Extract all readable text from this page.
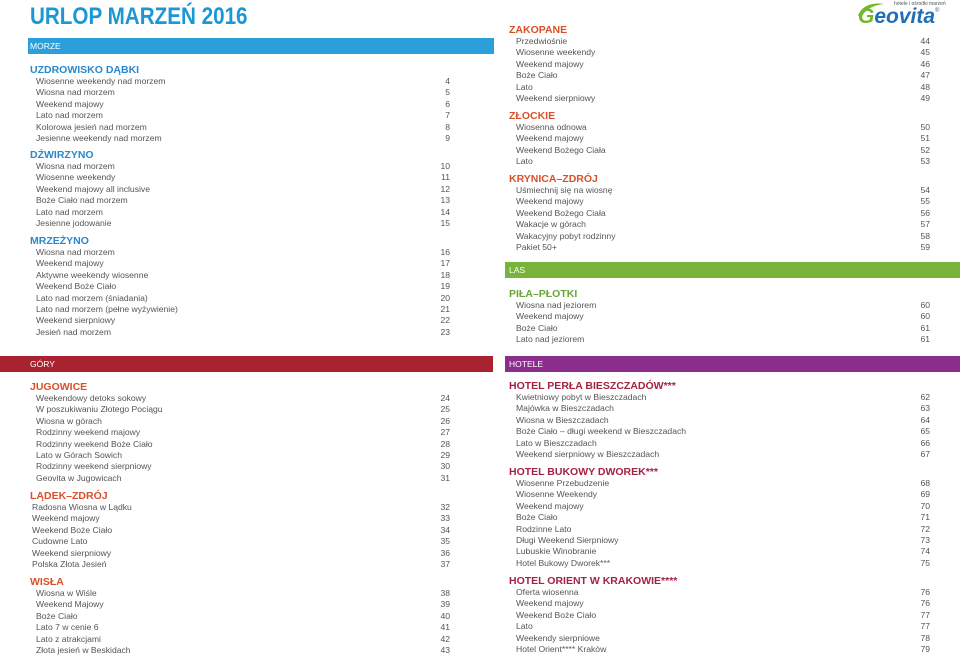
URLOP MARZEŃ 2016	hotele i ośrodki marzeń
Geovita ®
MORZE
GÓRY
LAS
HOTELE
UZDROWISKO DĄBKI
Wiosenne weekendy nad morzem	4
Wiosna nad morzem	5
Weekend majowy	6
Lato nad morzem	7
Kolorowa jesień nad morzem	8
Jesienne weekendy nad morzem	9
DŹWIRZYNO
Wiosna nad morzem	10
Wiosenne weekendy	11
Weekend majowy all inclusive	12
Boże Ciało nad morzem	13
Lato nad morzem	14
Jesienne jodowanie	15
MRZEŻYNO
Wiosna nad morzem	16
Weekend majowy	17
Aktywne weekendy wiosenne	18
Weekend Boże Ciało	19
Lato nad morzem (śniadania)	20
Lato nad morzem (pełne wyżywienie)	21
Weekend sierpniowy	22
Jesień nad morzem	23
JUGOWICE
Weekendowy detoks sokowy	24
W poszukiwaniu Złotego Pociągu	25
Wiosna w górach	26
Rodzinny weekend majowy	27
Rodzinny weekend Boże Ciało	28
Lato w Górach Sowich	29
Rodzinny weekend sierpniowy	30
Geovita w Jugowicach	31
LĄDEK–ZDRÓJ
Radosna Wiosna w Lądku	32
Weekend majowy	33
Weekend Boże Ciało	34
Cudowne Lato	35
Weekend sierpniowy	36
Polska Złota Jesień	37
WISŁA
Wiosna w Wiśle	38
Weekend Majowy	39
Boże Ciało	40
Lato 7 w cenie 6	41
Lato z atrakcjami	42
Złota jesień w Beskidach	43
ZAKOPANE
Przedwiośnie	44
Wiosenne weekendy	45
Weekend majowy	46
Boże Ciało	47
Lato	48
Weekend sierpniowy	49
ZŁOCKIE
Wiosenna odnowa	50
Weekend majowy	51
Weekend Bożego Ciała	52
Lato	53
KRYNICA–ZDRÓJ
Uśmiechnij się na wiosnę	54
Weekend majowy	55
Weekend Bożego Ciała	56
Wakacje w górach	57
Wakacyjny pobyt rodzinny	58
Pakiet 50+	59
PIŁA–PŁOTKI
Wiosna nad jeziorem	60
Weekend majowy	60
Boże Ciało	61
Lato nad jeziorem	61
HOTEL PERŁA BIESZCZADÓW***
Kwietniowy pobyt w Bieszczadach	62
Majówka w Bieszczadach	63
Wiosna w Bieszczadach	64
Boże Ciało – długi weekend w Bieszczadach	65
Lato w Bieszczadach	66
Weekend sierpniowy w Bieszczadach	67
HOTEL BUKOWY DWOREK***
Wiosenne Przebudzenie	68
Wiosenne Weekendy	69
Weekend majowy	70
Boże Ciało	71
Rodzinne Lato	72
Długi Weekend Sierpniowy	73
Lubuskie Winobranie	74
Hotel Bukowy Dworek***	75
HOTEL ORIENT W KRAKOWIE****
Oferta wiosenna	76
Weekend majowy	76
Weekend Boże Ciało	77
Lato	77
Weekendy sierpniowe	78
Hotel Orient**** Kraków	79
